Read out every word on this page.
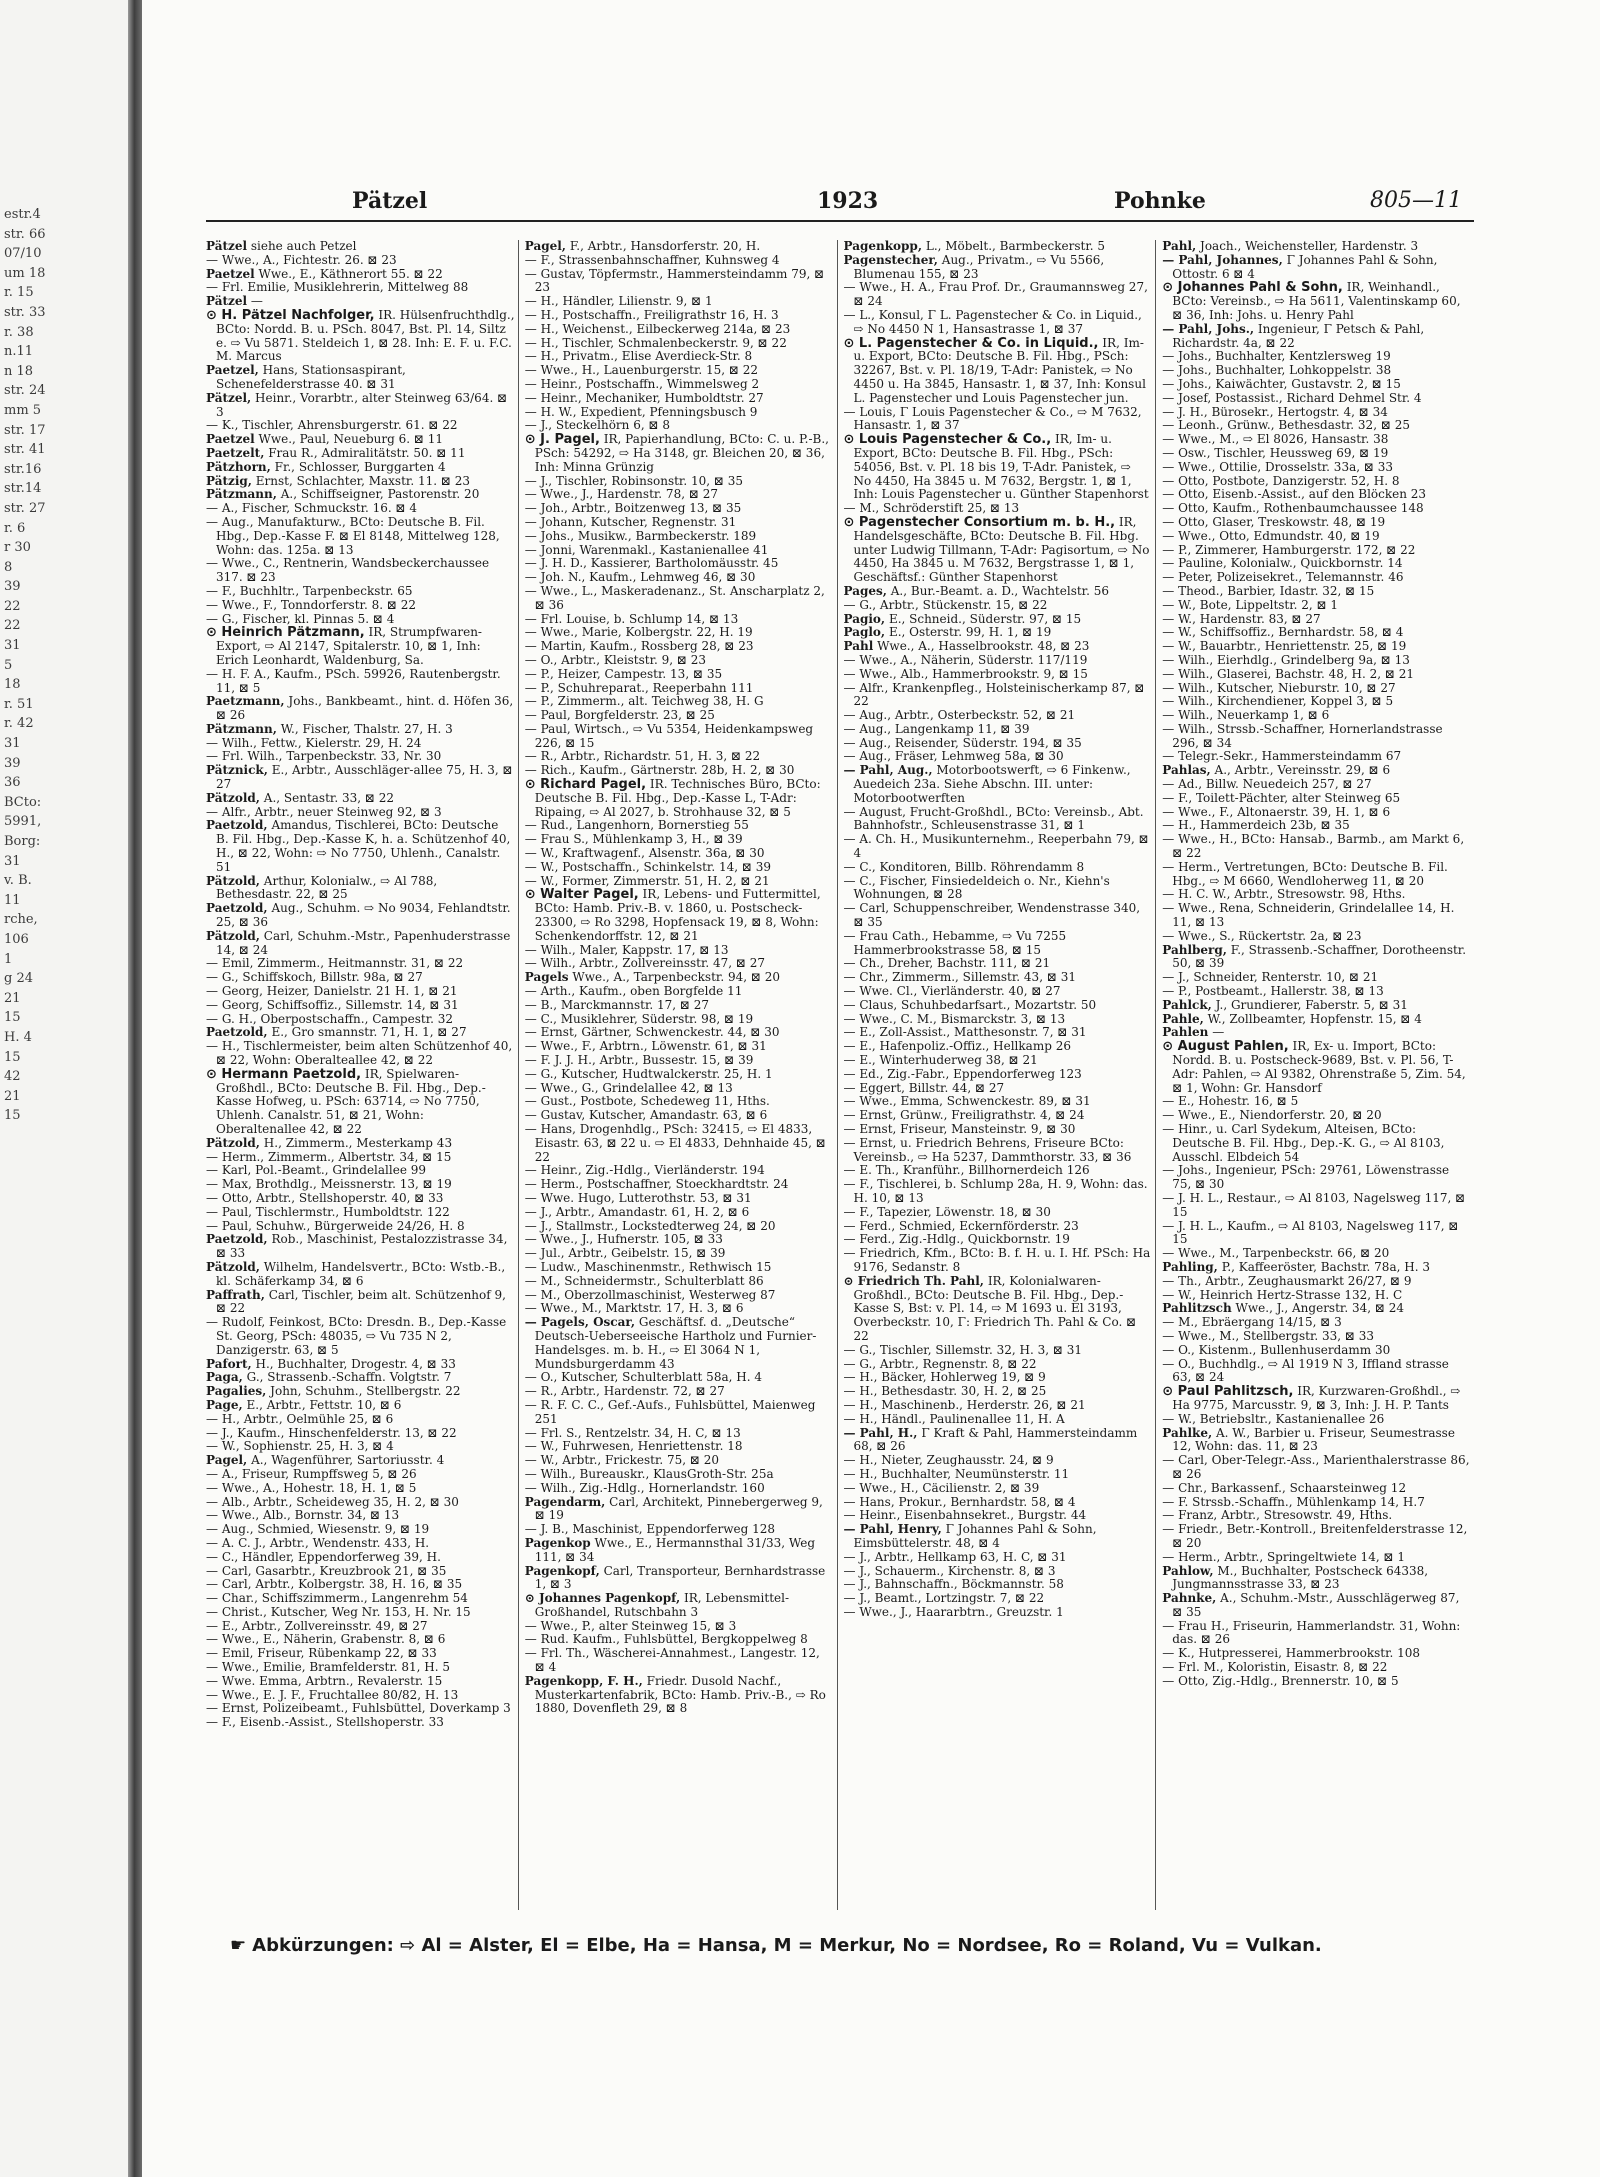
estr.4
str. 66
07/10
um 18
r. 15
str. 33
r. 38
n.11
n 18
str. 24
mm 5
str. 17
str. 41
str.16
str.14
str. 27
r. 6
r 30
8
39
22
22
31
5
18
r. 51
r. 42
31
39
36
BCto:
5991,
Borg:
31
v. B.
11
rche,
106
1
g 24
21
15
H. 4
15
42
21
15
Pätzel	1923	Pohnke	805—11

Pätzel siehe auch Petzel

— Wwe., A., Fichtestr. 26. ⊠ 23

Paetzel Wwe., E., Käthnerort 55. ⊠ 22

— Frl. Emilie, Musiklehrerin, Mittelweg 88

Pätzel —

⊙ H. Pätzel Nachfolger, IR. Hülsenfruchthdlg., BCto: Nordd. B. u. PSch. 8047, Bst. Pl. 14, Siltz e. ⇨ Vu 5871. Steldeich 1, ⊠ 28. Inh: E. F. u. F.C. M. Marcus

Paetzel, Hans, Stationsaspirant, Schenefelderstrasse 40. ⊠ 31

Pätzel, Heinr., Vorarbtr., alter Steinweg 63/64. ⊠ 3

— K., Tischler, Ahrensburgerstr. 61. ⊠ 22

Paetzel Wwe., Paul, Neueburg 6. ⊠ 11

Paetzelt, Frau R., Admiralitätstr. 50. ⊠ 11

Pätzhorn, Fr., Schlosser, Burggarten 4

Pätzig, Ernst, Schlachter, Maxstr. 11. ⊠ 23

Pätzmann, A., Schiffseigner, Pastorenstr. 20

— A., Fischer, Schmuckstr. 16. ⊠ 4

— Aug., Manufakturw., BCto: Deutsche B. Fil. Hbg., Dep.-Kasse F. ⊠ El 8148, Mittelweg 128, Wohn: das. 125a. ⊠ 13

— Wwe., C., Rentnerin, Wandsbeckerchaussee 317. ⊠ 23

— F., Buchhltr., Tarpenbeckstr. 65

— Wwe., F., Tonndorferstr. 8. ⊠ 22

— G., Fischer, kl. Pinnas 5. ⊠ 4

⊙ Heinrich Pätzmann, IR, Strumpfwaren-Export, ⇨ Al 2147, Spitalerstr. 10, ⊠ 1, Inh: Erich Leonhardt, Waldenburg, Sa.

— H. F. A., Kaufm., PSch. 59926, Rautenbergstr. 11, ⊠ 5

Paetzmann, Johs., Bankbeamt., hint. d. Höfen 36, ⊠ 26

Pätzmann, W., Fischer, Thalstr. 27, H. 3

— Wilh., Fettw., Kielerstr. 29, H. 24

— Frl. Wilh., Tarpenbeckstr. 33, Nr. 30

Pätznick, E., Arbtr., Ausschläger-allee 75, H. 3, ⊠ 27

Pätzold, A., Sentastr. 33, ⊠ 22

— Alfr., Arbtr., neuer Steinweg 92, ⊠ 3

Paetzold, Amandus, Tischlerei, BCto: Deutsche B. Fil. Hbg., Dep.-Kasse K, h. a. Schützenhof 40, H., ⊠ 22, Wohn: ⇨ No 7750, Uhlenh., Canalstr. 51

Pätzold, Arthur, Kolonialw., ⇨ Al 788, Bethesdastr. 22, ⊠ 25

Paetzold, Aug., Schuhm. ⇨ No 9034, Fehlandtstr. 25, ⊠ 36

Pätzold, Carl, Schuhm.-Mstr., Papenhuderstrasse 14, ⊠ 24

— Emil, Zimmerm., Heitmannstr. 31, ⊠ 22

— G., Schiffskoch, Billstr. 98a, ⊠ 27

— Georg, Heizer, Danielstr. 21 H. 1, ⊠ 21

— Georg, Schiffsoffiz., Sillemstr. 14, ⊠ 31

— G. H., Oberpostschaffn., Campestr. 32

Paetzold, E., Gro smannstr. 71, H. 1, ⊠ 27

— H., Tischlermeister, beim alten Schützenhof 40, ⊠ 22, Wohn: Oberalteallee 42, ⊠ 22

⊙ Hermann Paetzold, IR, Spielwaren-Großhdl., BCto: Deutsche B. Fil. Hbg., Dep.-Kasse Hofweg, u. PSch: 63714, ⇨ No 7750, Uhlenh. Canalstr. 51, ⊠ 21, Wohn: Oberaltenallee 42, ⊠ 22

Pätzold, H., Zimmerm., Mesterkamp 43

— Herm., Zimmerm., Albertstr. 34, ⊠ 15

— Karl, Pol.-Beamt., Grindelallee 99

— Max, Brothdlg., Meissnerstr. 13, ⊠ 19

— Otto, Arbtr., Stellshoperstr. 40, ⊠ 33

— Paul, Tischlermstr., Humboldtstr. 122

— Paul, Schuhw., Bürgerweide 24/26, H. 8

Paetzold, Rob., Maschinist, Pestalozzistrasse 34, ⊠ 33

Pätzold, Wilhelm, Handelsvertr., BCto: Wstb.-B., kl. Schäferkamp 34, ⊠ 6

Paffrath, Carl, Tischler, beim alt. Schützenhof 9, ⊠ 22

— Rudolf, Feinkost, BCto: Dresdn. B., Dep.-Kasse St. Georg, PSch: 48035, ⇨ Vu 735 N 2, Danzigerstr. 63, ⊠ 5

Pafort, H., Buchhalter, Drogestr. 4, ⊠ 33

Paga, G., Strassenb.-Schaffn. Volgtstr. 7

Pagalies, John, Schuhm., Stellbergstr. 22

Page, E., Arbtr., Fettstr. 10, ⊠ 6

— H., Arbtr., Oelmühle 25, ⊠ 6

— J., Kaufm., Hinschenfelderstr. 13, ⊠ 22

— W., Sophienstr. 25, H. 3, ⊠ 4

Pagel, A., Wagenführer, Sartoriusstr. 4

— A., Friseur, Rumpffsweg 5, ⊠ 26

— Wwe., A., Hohestr. 18, H. 1, ⊠ 5

— Alb., Arbtr., Scheideweg 35, H. 2, ⊠ 30

— Wwe., Alb., Bornstr. 34, ⊠ 13

— Aug., Schmied, Wiesenstr. 9, ⊠ 19

— A. C. J., Arbtr., Wendenstr. 433, H.

— C., Händler, Eppendorferweg 39, H.

— Carl, Gasarbtr., Kreuzbrook 21, ⊠ 35

— Carl, Arbtr., Kolbergstr. 38, H. 16, ⊠ 35

— Char., Schiffszimmerm., Langenrehm 54

— Christ., Kutscher, Weg Nr. 153, H. Nr. 15

— E., Arbtr., Zollvereinsstr. 49, ⊠ 27

— Wwe., E., Näherin, Grabenstr. 8, ⊠ 6

— Emil, Friseur, Rübenkamp 22, ⊠ 33

— Wwe., Emilie, Bramfelderstr. 81, H. 5

— Wwe. Emma, Arbtrn., Revalerstr. 15

— Wwe., E. J. F., Fruchtallee 80/82, H. 13

— Ernst, Polizeibeamt., Fuhlsbüttel, Doverkamp 3

— F., Eisenb.-Assist., Stellshoperstr. 33

Pagel, F., Arbtr., Hansdorferstr. 20, H.

— F., Strassenbahnschaffner, Kuhnsweg 4

— Gustav, Töpfermstr., Hammersteindamm 79, ⊠ 23

— H., Händler, Lilienstr. 9, ⊠ 1

— H., Postschaffn., Freiligrathstr 16, H. 3

— H., Weichenst., Eilbeckerweg 214a, ⊠ 23

— H., Tischler, Schmalenbeckerstr. 9, ⊠ 22

— H., Privatm., Elise Averdieck-Str. 8

— Wwe., H., Lauenburgerstr. 15, ⊠ 22

— Heinr., Postschaffn., Wimmelsweg 2

— Heinr., Mechaniker, Humboldtstr. 27

— H. W., Expedient, Pfenningsbusch 9

— J., Steckelhörn 6, ⊠ 8

⊙ J. Pagel, IR, Papierhandlung, BCto: C. u. P.-B., PSch: 54292, ⇨ Ha 3148, gr. Bleichen 20, ⊠ 36, Inh: Minna Grünzig

— J., Tischler, Robinsonstr. 10, ⊠ 35

— Wwe., J., Hardenstr. 78, ⊠ 27

— Joh., Arbtr., Boitzenweg 13, ⊠ 35

— Johann, Kutscher, Regnenstr. 31

— Johs., Musikw., Barmbeckerstr. 189

— Jonni, Warenmakl., Kastanienallee 41

— J. H. D., Kassierer, Bartholomäusstr. 45

— Joh. N., Kaufm., Lehmweg 46, ⊠ 30

— Wwe., L., Maskeradenanz., St. Anscharplatz 2, ⊠ 36

— Frl. Louise, b. Schlump 14, ⊠ 13

— Wwe., Marie, Kolbergstr. 22, H. 19

— Martin, Kaufm., Rossberg 28, ⊠ 23

— O., Arbtr., Kleiststr. 9, ⊠ 23

— P., Heizer, Campestr. 13, ⊠ 35

— P., Schuhreparat., Reeperbahn 111

— P., Zimmerm., alt. Teichweg 38, H. G

— Paul, Borgfelderstr. 23, ⊠ 25

— Paul, Wirtsch., ⇨ Vu 5354, Heidenkampsweg 226, ⊠ 15

— R., Arbtr., Richardstr. 51, H. 3, ⊠ 22

— Rich., Kaufm., Gärtnerstr. 28b, H. 2, ⊠ 30

⊙ Richard Pagel, IR. Technisches Büro, BCto: Deutsche B. Fil. Hbg., Dep.-Kasse L, T-Adr: Ripaing, ⇨ Al 2027, b. Strohhause 32, ⊠ 5

— Rud., Langenhorn, Bornerstieg 55

— Frau S., Mühlenkamp 3, H., ⊠ 39

— W., Kraftwagenf., Alsenstr. 36a, ⊠ 30

— W., Postschaffn., Schinkelstr. 14, ⊠ 39

— W., Former, Zimmerstr. 51, H. 2, ⊠ 21

⊙ Walter Pagel, IR, Lebens- und Futtermittel, BCto: Hamb. Priv.-B. v. 1860, u. Postscheck- 23300, ⇨ Ro 3298, Hopfensack 19, ⊠ 8, Wohn: Schenkendorffstr. 12, ⊠ 21

— Wilh., Maler, Kappstr. 17, ⊠ 13

— Wilh., Arbtr., Zollvereinsstr. 47, ⊠ 27

Pagels Wwe., A., Tarpenbeckstr. 94, ⊠ 20

— Arth., Kaufm., oben Borgfelde 11

— B., Marckmannstr. 17, ⊠ 27

— C., Musiklehrer, Süderstr. 98, ⊠ 19

— Ernst, Gärtner, Schwenckestr. 44, ⊠ 30

— Wwe., F., Arbtrn., Löwenstr. 61, ⊠ 31

— F. J. J. H., Arbtr., Bussestr. 15, ⊠ 39

— G., Kutscher, Hudtwalckerstr. 25, H. 1

— Wwe., G., Grindelallee 42, ⊠ 13

— Gust., Postbote, Schedeweg 11, Hths.

— Gustav, Kutscher, Amandastr. 63, ⊠ 6

— Hans, Drogenhdlg., PSch: 32415, ⇨ El 4833, Eisastr. 63, ⊠ 22 u. ⇨ El 4833, Dehnhaide 45, ⊠ 22

— Heinr., Zig.-Hdlg., Vierländerstr. 194

— Herm., Postschaffner, Stoeckhardtstr. 24

— Wwe. Hugo, Lutterothstr. 53, ⊠ 31

— J., Arbtr., Amandastr. 61, H. 2, ⊠ 6

— J., Stallmstr., Lockstedterweg 24, ⊠ 20

— Wwe., J., Hufnerstr. 105, ⊠ 33

— Jul., Arbtr., Geibelstr. 15, ⊠ 39

— Ludw., Maschinenmstr., Rethwisch 15

— M., Schneidermstr., Schulterblatt 86

— M., Oberzollmaschinist, Westerweg 87

— Wwe., M., Marktstr. 17, H. 3, ⊠ 6

— Pagels, Oscar, Geschäftsf. d. „Deutsche“ Deutsch-Ueberseeische Hartholz und Furnier-Handelsges. m. b. H., ⇨ El 3064 N 1, Mundsburgerdamm 43

— O., Kutscher, Schulterblatt 58a, H. 4

— R., Arbtr., Hardenstr. 72, ⊠ 27

— R. F. C. C., Gef.-Aufs., Fuhlsbüttel, Maienweg 251

— Frl. S., Rentzelstr. 34, H. C, ⊠ 13

— W., Fuhrwesen, Henriettenstr. 18

— W., Arbtr., Frickestr. 75, ⊠ 20

— Wilh., Bureauskr., KlausGroth-Str. 25a

— Wilh., Zig.-Hdlg., Hornerlandstr. 160

Pagendarm, Carl, Architekt, Pinnebergerweg 9, ⊠ 19

— J. B., Maschinist, Eppendorferweg 128

Pagenkop Wwe., E., Hermannsthal 31/33, Weg 111, ⊠ 34

Pagenkopf, Carl, Transporteur, Bernhardstrasse 1, ⊠ 3

⊙ Johannes Pagenkopf, IR, Lebensmittel-Großhandel, Rutschbahn 3

— Wwe., P., alter Steinweg 15, ⊠ 3

— Rud. Kaufm., Fuhlsbüttel, Bergkoppelweg 8

— Frl. Th., Wäscherei-Annahmest., Langestr. 12, ⊠ 4

Pagenkopp, F. H., Friedr. Dusold Nachf., Musterkartenfabrik, BCto: Hamb. Priv.-B., ⇨ Ro 1880, Dovenfleth 29, ⊠ 8

Pagenkopp, L., Möbelt., Barmbeckerstr. 5

Pagenstecher, Aug., Privatm., ⇨ Vu 5566, Blumenau 155, ⊠ 23

— Wwe., H. A., Frau Prof. Dr., Graumannsweg 27, ⊠ 24

— L., Konsul, Γ L. Pagenstecher & Co. in Liquid., ⇨ No 4450 N 1, Hansastrasse 1, ⊠ 37

⊙ L. Pagenstecher & Co. in Liquid., IR, Im- u. Export, BCto: Deutsche B. Fil. Hbg., PSch: 32267, Bst. v. Pl. 18/19, T-Adr: Panistek, ⇨ No 4450 u. Ha 3845, Hansastr. 1, ⊠ 37, Inh: Konsul L. Pagenstecher und Louis Pagenstecher jun.

— Louis, Γ Louis Pagenstecher & Co., ⇨ M 7632, Hansastr. 1, ⊠ 37

⊙ Louis Pagenstecher & Co., IR, Im- u. Export, BCto: Deutsche B. Fil. Hbg., PSch: 54056, Bst. v. Pl. 18 bis 19, T-Adr. Panistek, ⇨ No 4450, Ha 3845 u. M 7632, Bergstr. 1, ⊠ 1, Inh: Louis Pagenstecher u. Günther Stapenhorst

— M., Schröderstift 25, ⊠ 13

⊙ Pagenstecher Consortium m. b. H., IR, Handelsgeschäfte, BCto: Deutsche B. Fil. Hbg. unter Ludwig Tillmann, T-Adr: Pagisortum, ⇨ No 4450, Ha 3845 u. M 7632, Bergstrasse 1, ⊠ 1, Geschäftsf.: Günther Stapenhorst

Pages, A., Bur.-Beamt. a. D., Wachtelstr. 56

— G., Arbtr., Stückenstr. 15, ⊠ 22

Pagio, E., Schneid., Süderstr. 97, ⊠ 15

Paglo, E., Osterstr. 99, H. 1, ⊠ 19

Pahl Wwe., A., Hasselbrookstr. 48, ⊠ 23

— Wwe., A., Näherin, Süderstr. 117/119

— Wwe., Alb., Hammerbrookstr. 9, ⊠ 15

— Alfr., Krankenpfleg., Holsteinischerkamp 87, ⊠ 22

— Aug., Arbtr., Osterbeckstr. 52, ⊠ 21

— Aug., Langenkamp 11, ⊠ 39

— Aug., Reisender, Süderstr. 194, ⊠ 35

— Aug., Fräser, Lehmweg 58a, ⊠ 30

— Pahl, Aug., Motorbootswerft, ⇨ 6 Finkenw., Auedeich 23a. Siehe Abschn. III. unter: Motorbootwerften

— August, Frucht-Großhdl., BCto: Vereinsb., Abt. Bahnhofstr., Schleusenstrasse 31, ⊠ 1

— A. Ch. H., Musikunternehm., Reeperbahn 79, ⊠ 4

— C., Konditoren, Billb. Röhrendamm 8

— C., Fischer, Finsiedeldeich o. Nr., Kiehn's Wohnungen, ⊠ 28

— Carl, Schuppenschreiber, Wendenstrasse 340, ⊠ 35

— Frau Cath., Hebamme, ⇨ Vu 7255 Hammerbrookstrasse 58, ⊠ 15

— Ch., Dreher, Bachstr. 111, ⊠ 21

— Chr., Zimmerm., Sillemstr. 43, ⊠ 31

— Wwe. Cl., Vierländerstr. 40, ⊠ 27

— Claus, Schuhbedarfsart., Mozartstr. 50

— Wwe., C. M., Bismarckstr. 3, ⊠ 13

— E., Zoll-Assist., Matthesonstr. 7, ⊠ 31

— E., Hafenpoliz.-Offiz., Hellkamp 26

— E., Winterhuderweg 38, ⊠ 21

— Ed., Zig.-Fabr., Eppendorferweg 123

— Eggert, Billstr. 44, ⊠ 27

— Wwe., Emma, Schwenckestr. 89, ⊠ 31

— Ernst, Grünw., Freiligrathstr. 4, ⊠ 24

— Ernst, Friseur, Mansteinstr. 9, ⊠ 30

— Ernst, u. Friedrich Behrens, Friseure BCto: Vereinsb., ⇨ Ha 5237, Dammthorstr. 33, ⊠ 36

— E. Th., Kranführ., Billhornerdeich 126

— F., Tischlerei, b. Schlump 28a, H. 9, Wohn: das. H. 10, ⊠ 13

— F., Tapezier, Löwenstr. 18, ⊠ 30

— Ferd., Schmied, Eckernförderstr. 23

— Ferd., Zig.-Hdlg., Quickbornstr. 19

— Friedrich, Kfm., BCto: B. f. H. u. I. Hf. PSch: Ha 9176, Sedanstr. 8

⊙ Friedrich Th. Pahl, IR, Kolonialwaren-Großhdl., BCto: Deutsche B. Fil. Hbg., Dep.-Kasse S, Bst: v. Pl. 14, ⇨ M 1693 u. El 3193, Overbeckstr. 10, Γ: Friedrich Th. Pahl & Co. ⊠ 22

— G., Tischler, Sillemstr. 32, H. 3, ⊠ 31

— G., Arbtr., Regnenstr. 8, ⊠ 22

— H., Bäcker, Hohlerweg 19, ⊠ 9

— H., Bethesdastr. 30, H. 2, ⊠ 25

— H., Maschinenb., Herderstr. 26, ⊠ 21

— H., Händl., Paulinenallee 11, H. A

— Pahl, H., Γ Kraft & Pahl, Hammersteindamm 68, ⊠ 26

— H., Nieter, Zeughausstr. 24, ⊠ 9

— H., Buchhalter, Neumünsterstr. 11

— Wwe., H., Cäcilienstr. 2, ⊠ 39

— Hans, Prokur., Bernhardstr. 58, ⊠ 4

— Heinr., Eisenbahnsekret., Burgstr. 44

— Pahl, Henry, Γ Johannes Pahl & Sohn, Eimsbüttelerstr. 48, ⊠ 4

— J., Arbtr., Hellkamp 63, H. C, ⊠ 31

— J., Schauerm., Kirchenstr. 8, ⊠ 3

— J., Bahnschaffn., Böckmannstr. 58

— J., Beamt., Lortzingstr. 7, ⊠ 22

— Wwe., J., Haararbtrn., Greuzstr. 1

Pahl, Joach., Weichensteller, Hardenstr. 3

— Pahl, Johannes, Γ Johannes Pahl & Sohn, Ottostr. 6 ⊠ 4

⊙ Johannes Pahl & Sohn, IR, Weinhandl., BCto: Vereinsb., ⇨ Ha 5611, Valentinskamp 60, ⊠ 36, Inh: Johs. u. Henry Pahl

— Pahl, Johs., Ingenieur, Γ Petsch & Pahl, Richardstr. 4a, ⊠ 22

— Johs., Buchhalter, Kentzlersweg 19

— Johs., Buchhalter, Lohkoppelstr. 38

— Johs., Kaiwächter, Gustavstr. 2, ⊠ 15

— Josef, Postassist., Richard Dehmel Str. 4

— J. H., Bürosekr., Hertogstr. 4, ⊠ 34

— Leonh., Grünw., Bethesdastr. 32, ⊠ 25

— Wwe., M., ⇨ El 8026, Hansastr. 38

— Osw., Tischler, Heussweg 69, ⊠ 19

— Wwe., Ottilie, Drosselstr. 33a, ⊠ 33

— Otto, Postbote, Danzigerstr. 52, H. 8

— Otto, Eisenb.-Assist., auf den Blöcken 23

— Otto, Kaufm., Rothenbaumchaussee 148

— Otto, Glaser, Treskowstr. 48, ⊠ 19

— Wwe., Otto, Edmundstr. 40, ⊠ 19

— P., Zimmerer, Hamburgerstr. 172, ⊠ 22

— Pauline, Kolonialw., Quickbornstr. 14

— Peter, Polizeisekret., Telemannstr. 46

— Theod., Barbier, Idastr. 32, ⊠ 15

— W., Bote, Lippeltstr. 2, ⊠ 1

— W., Hardenstr. 83, ⊠ 27

— W., Schiffsoffiz., Bernhardstr. 58, ⊠ 4

— W., Bauarbtr., Henriettenstr. 25, ⊠ 19

— Wilh., Eierhdlg., Grindelberg 9a, ⊠ 13

— Wilh., Glaserei, Bachstr. 48, H. 2, ⊠ 21

— Wilh., Kutscher, Nieburstr. 10, ⊠ 27

— Wilh., Kirchendiener, Koppel 3, ⊠ 5

— Wilh., Neuerkamp 1, ⊠ 6

— Wilh., Strssb.-Schaffner, Hornerlandstrasse 296, ⊠ 34

— Telegr.-Sekr., Hammersteindamm 67

Pahlas, A., Arbtr., Vereinsstr. 29, ⊠ 6

— Ad., Billw. Neuedeich 257, ⊠ 27

— F., Toilett-Pächter, alter Steinweg 65

— Wwe., F., Altonaerstr. 39, H. 1, ⊠ 6

— H., Hammerdeich 23b, ⊠ 35

— Wwe., H., BCto: Hansab., Barmb., am Markt 6, ⊠ 22

— Herm., Vertretungen, BCto: Deutsche B. Fil. Hbg., ⇨ M 6660, Wendloherweg 11, ⊠ 20

— H. C. W., Arbtr., Stresowstr. 98, Hths.

— Wwe., Rena, Schneiderin, Grindelallee 14, H. 11, ⊠ 13

— Wwe., S., Rückertstr. 2a, ⊠ 23

Pahlberg, F., Strassenb.-Schaffner, Dorotheenstr. 50, ⊠ 39

— J., Schneider, Renterstr. 10, ⊠ 21

— P., Postbeamt., Hallerstr. 38, ⊠ 13

Pahlck, J., Grundierer, Faberstr. 5, ⊠ 31

Pahle, W., Zollbeamter, Hopfenstr. 15, ⊠ 4

Pahlen —

⊙ August Pahlen, IR, Ex- u. Import, BCto: Nordd. B. u. Postscheck-9689, Bst. v. Pl. 56, T-Adr: Pahlen, ⇨ Al 9382, Ohrenstraße 5, Zim. 54, ⊠ 1, Wohn: Gr. Hansdorf

— E., Hohestr. 16, ⊠ 5

— Wwe., E., Niendorferstr. 20, ⊠ 20

— Hinr., u. Carl Sydekum, Alteisen, BCto: Deutsche B. Fil. Hbg., Dep.-K. G., ⇨ Al 8103, Ausschl. Elbdeich 54

— Johs., Ingenieur, PSch: 29761, Löwenstrasse 75, ⊠ 30

— J. H. L., Restaur., ⇨ Al 8103, Nagelsweg 117, ⊠ 15

— J. H. L., Kaufm., ⇨ Al 8103, Nagelsweg 117, ⊠ 15

— Wwe., M., Tarpenbeckstr. 66, ⊠ 20

Pahling, P., Kaffeeröster, Bachstr. 78a, H. 3

— Th., Arbtr., Zeughausmarkt 26/27, ⊠ 9

— W., Heinrich Hertz-Strasse 132, H. C

Pahlitzsch Wwe., J., Angerstr. 34, ⊠ 24

— M., Ebräergang 14/15, ⊠ 3

— Wwe., M., Stellbergstr. 33, ⊠ 33

— O., Kistenm., Bullenhuserdamm 30

— O., Buchhdlg., ⇨ Al 1919 N 3, Iffland strasse 63, ⊠ 24

⊙ Paul Pahlitzsch, IR, Kurzwaren-Großhdl., ⇨ Ha 9775, Marcusstr. 9, ⊠ 3, Inh: J. H. P. Tants

— W., Betriebsltr., Kastanienallee 26

Pahlke, A. W., Barbier u. Friseur, Seumestrasse 12, Wohn: das. 11, ⊠ 23

— Carl, Ober-Telegr.-Ass., Marienthalerstrasse 86, ⊠ 26

— Chr., Barkassenf., Schaarsteinweg 12

— F. Strssb.-Schaffn., Mühlenkamp 14, H.7

— Franz, Arbtr., Stresowstr. 49, Hths.

— Friedr., Betr.-Kontroll., Breitenfelderstrasse 12, ⊠ 20

— Herm., Arbtr., Springeltwiete 14, ⊠ 1

Pahlow, M., Buchhalter, Postscheck 64338, Jungmannsstrasse 33, ⊠ 23

Pahnke, A., Schuhm.-Mstr., Ausschlägerweg 87, ⊠ 35

— Frau H., Friseurin, Hammerlandstr. 31, Wohn: das. ⊠ 26

— K., Hutpresserei, Hammerbrookstr. 108

— Frl. M., Koloristin, Eisastr. 8, ⊠ 22

— Otto, Zig.-Hdlg., Brennerstr. 10, ⊠ 5

☛ Abkürzungen: ⇨ Al = Alster, El = Elbe, Ha = Hansa, M = Merkur, No = Nordsee, Ro = Roland, Vu = Vulkan.
